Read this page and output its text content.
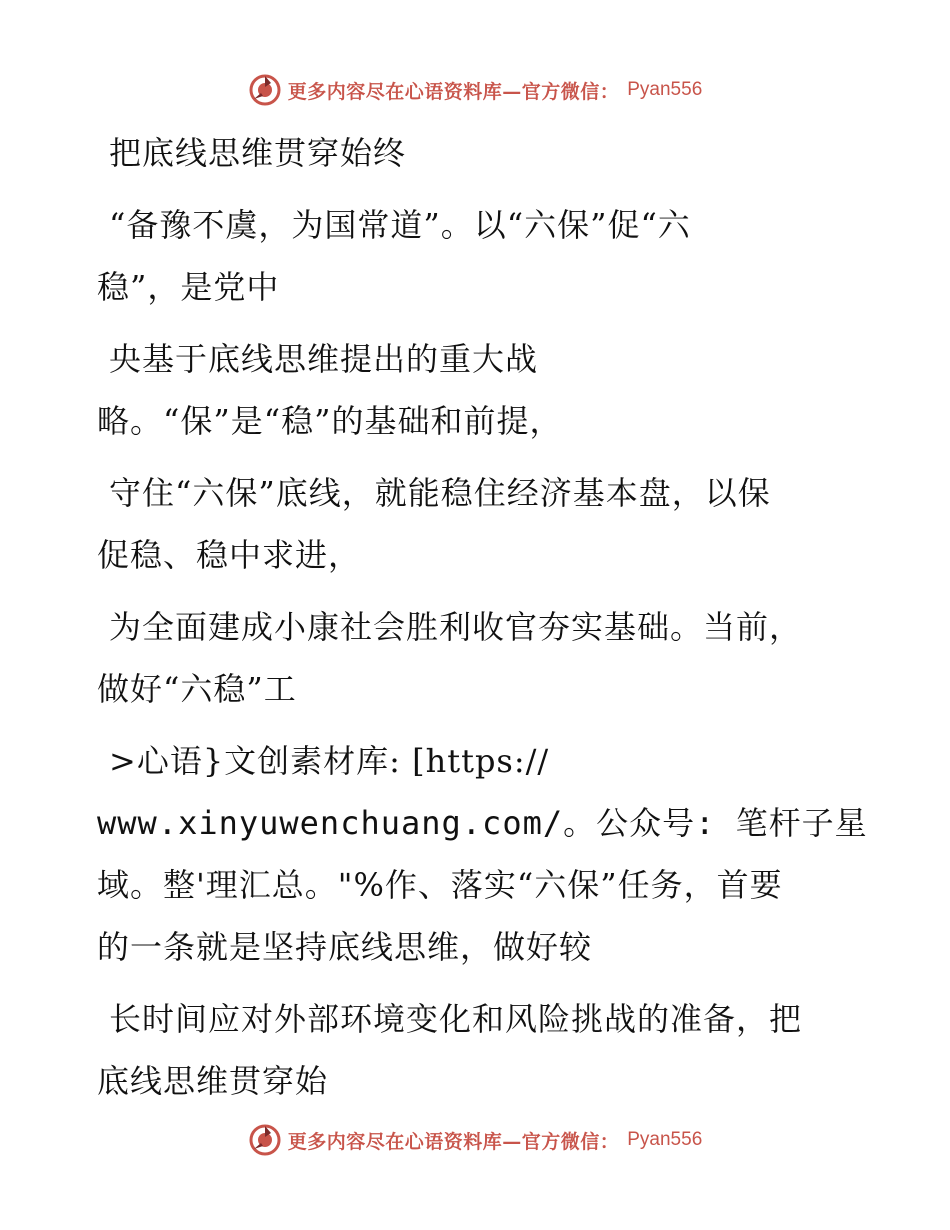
更多内容尽在心语资料库—官方微信： Pyan556
把底线思维贯穿始终
“备豫不虞，为国常道”。以“六保”促“六
稳”，是党中
央基于底线思维提出的重大战
略。“保”是“稳”的基础和前提，
守住“六保”底线，就能稳住经济基本盘，以保
促稳、稳中求进，
为全面建成小康社会胜利收官夯实基础。当前，
做好“六稳”工
>心语}文创素材库: [https://
www.xinyuwenchuang.com/。公众号: 笔杆子星
域。整'理汇总。"%作、落实“六保”任务，首要
的一条就是坚持底线思维，做好较
长时间应对外部环境变化和风险挑战的准备，把
底线思维贯穿始
更多内容尽在心语资料库—官方微信： Pyan556
